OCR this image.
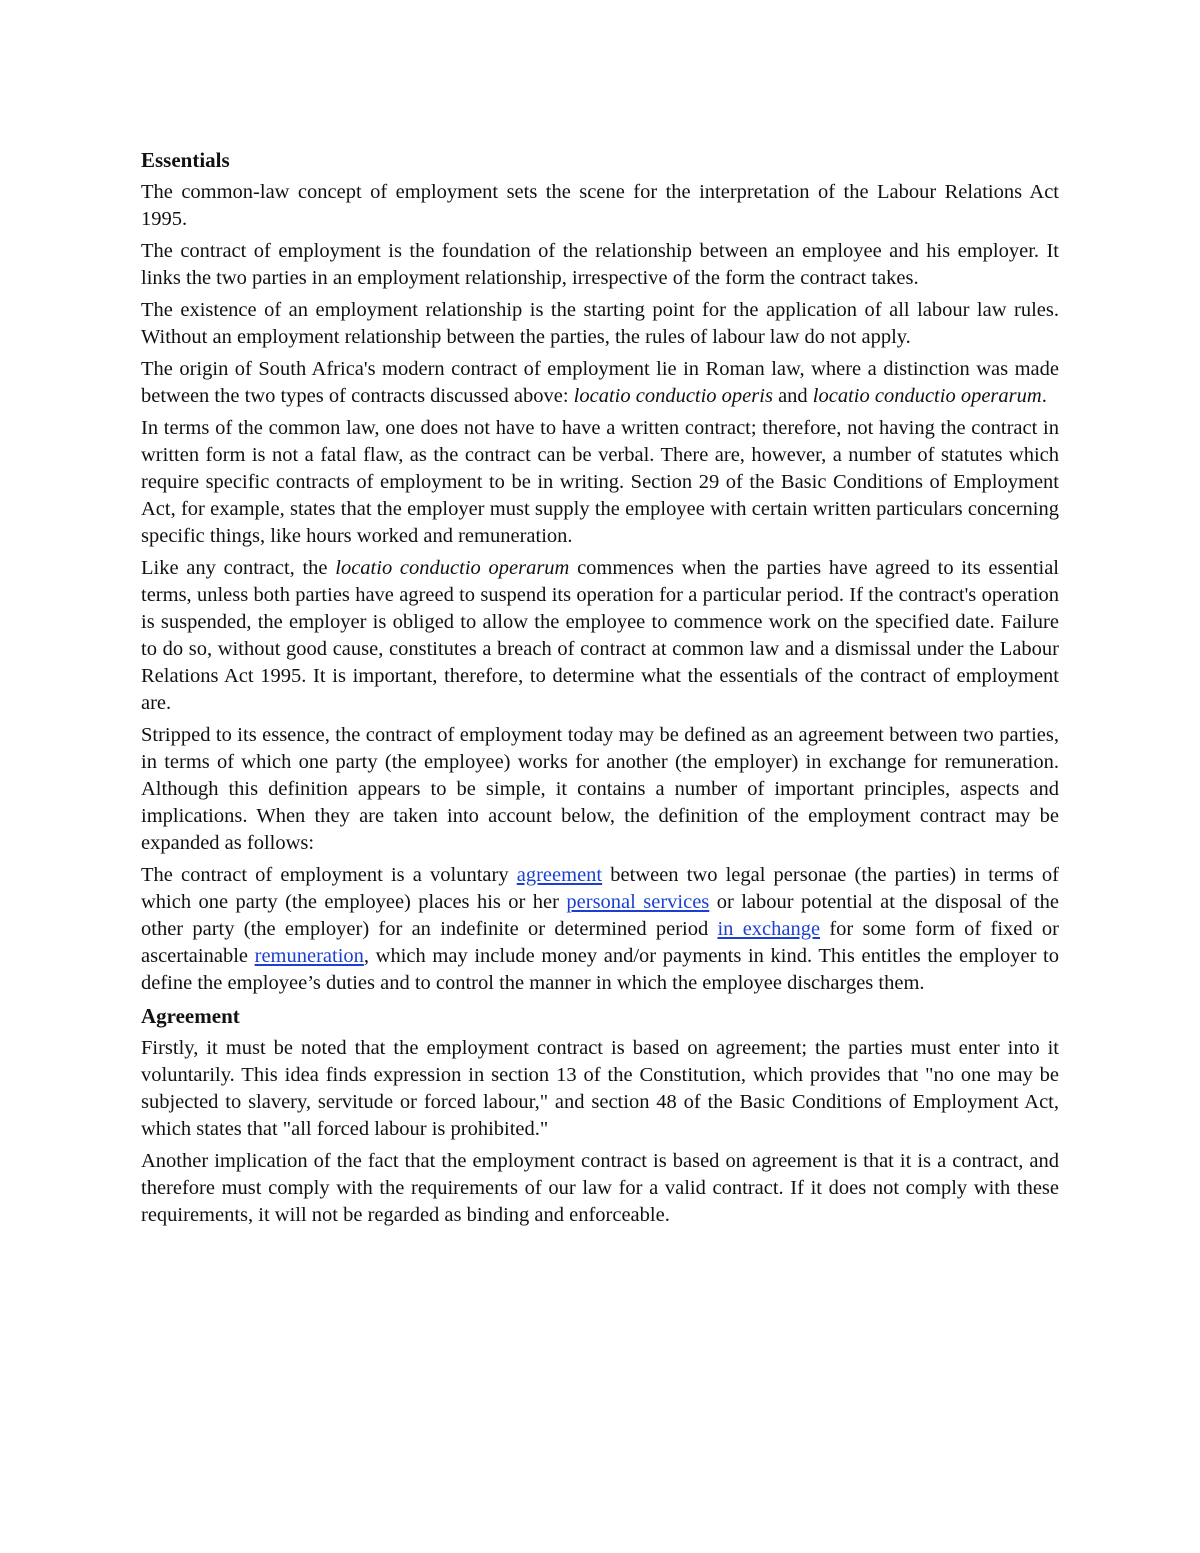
Essentials

The common-law concept of employment sets the scene for the interpretation of the Labour Relations Act 1995.

The contract of employment is the foundation of the relationship between an employee and his employer. It links the two parties in an employment relationship, irrespective of the form the contract takes.

The existence of an employment relationship is the starting point for the application of all labour law rules. Without an employment relationship between the parties, the rules of labour law do not apply.

The origin of South Africa's modern contract of employment lie in Roman law, where a distinction was made between the two types of contracts discussed above: locatio conductio operis and locatio conductio operarum.

In terms of the common law, one does not have to have a written contract; therefore, not having the contract in written form is not a fatal flaw, as the contract can be verbal. There are, however, a number of statutes which require specific contracts of employment to be in writing. Section 29 of the Basic Conditions of Employment Act, for example, states that the employer must supply the employee with certain written particulars concerning specific things, like hours worked and remuneration.

Like any contract, the locatio conductio operarum commences when the parties have agreed to its essential terms, unless both parties have agreed to suspend its operation for a particular period. If the contract's operation is suspended, the employer is obliged to allow the employee to commence work on the specified date. Failure to do so, without good cause, constitutes a breach of contract at common law and a dismissal under the Labour Relations Act 1995. It is important, therefore, to determine what the essentials of the contract of employment are.

Stripped to its essence, the contract of employment today may be defined as an agreement between two parties, in terms of which one party (the employee) works for another (the employer) in exchange for remuneration. Although this definition appears to be simple, it contains a number of important principles, aspects and implications. When they are taken into account below, the definition of the employment contract may be expanded as follows:

The contract of employment is a voluntary agreement between two legal personae (the parties) in terms of which one party (the employee) places his or her personal services or labour potential at the disposal of the other party (the employer) for an indefinite or determined period in exchange for some form of fixed or ascertainable remuneration, which may include money and/or payments in kind. This entitles the employer to define the employee’s duties and to control the manner in which the employee discharges them.

Agreement

Firstly, it must be noted that the employment contract is based on agreement; the parties must enter into it voluntarily. This idea finds expression in section 13 of the Constitution, which provides that "no one may be subjected to slavery, servitude or forced labour," and section 48 of the Basic Conditions of Employment Act, which states that "all forced labour is prohibited."

Another implication of the fact that the employment contract is based on agreement is that it is a contract, and therefore must comply with the requirements of our law for a valid contract. If it does not comply with these requirements, it will not be regarded as binding and enforceable.
